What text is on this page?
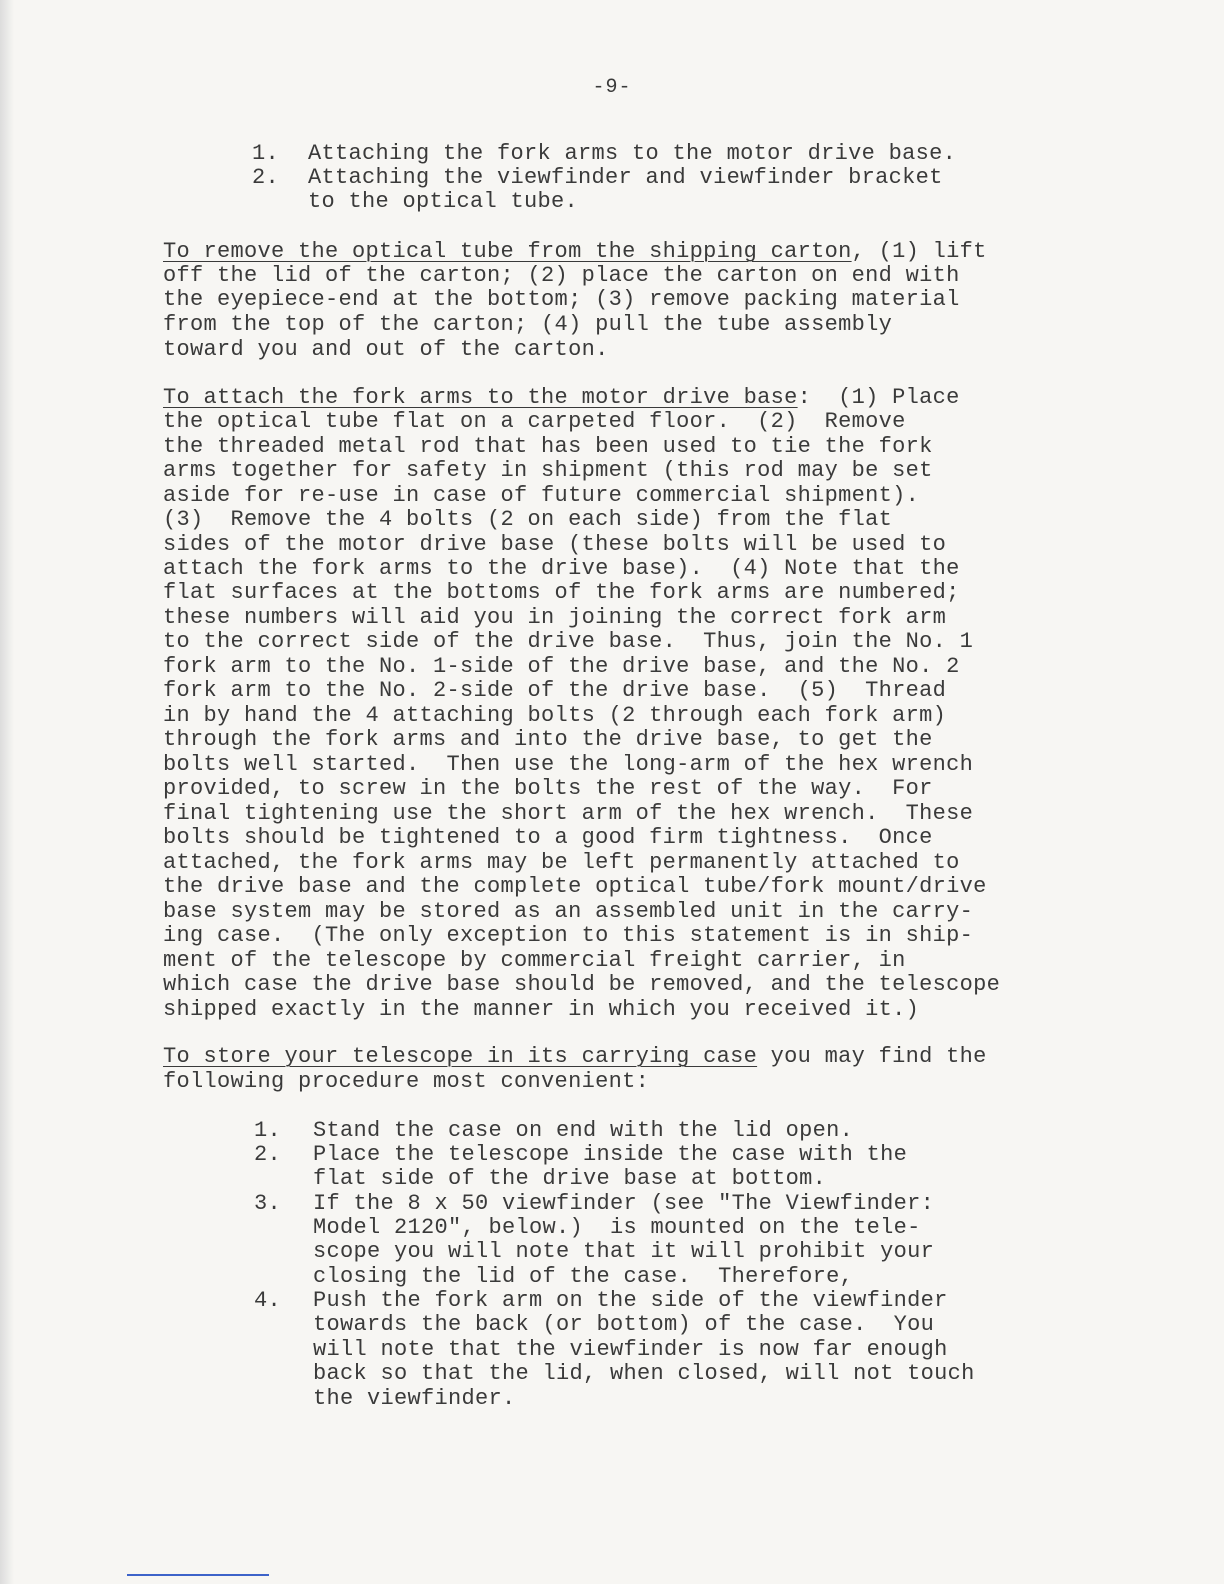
-9-
1. Attaching the fork arms to the motor drive base.
2. Attaching the viewfinder and viewfinder bracket
to the optical tube.
To remove the optical tube from the shipping carton, (1) lift
off the lid of the carton; (2) place the carton on end with
the eyepiece-end at the bottom; (3) remove packing material
from the top of the carton; (4) pull the tube assembly
toward you and out of the carton.
To attach the fork arms to the motor drive base:  (1) Place
the optical tube flat on a carpeted floor.  (2)  Remove
the threaded metal rod that has been used to tie the fork
arms together for safety in shipment (this rod may be set
aside for re-use in case of future commercial shipment).
(3)  Remove the 4 bolts (2 on each side) from the flat
sides of the motor drive base (these bolts will be used to
attach the fork arms to the drive base).  (4) Note that the
flat surfaces at the bottoms of the fork arms are numbered;
these numbers will aid you in joining the correct fork arm
to the correct side of the drive base.  Thus, join the No. 1
fork arm to the No. 1-side of the drive base, and the No. 2
fork arm to the No. 2-side of the drive base.  (5)  Thread
in by hand the 4 attaching bolts (2 through each fork arm)
through the fork arms and into the drive base, to get the
bolts well started.  Then use the long-arm of the hex wrench
provided, to screw in the bolts the rest of the way.  For
final tightening use the short arm of the hex wrench.  These
bolts should be tightened to a good firm tightness.  Once
attached, the fork arms may be left permanently attached to
the drive base and the complete optical tube/fork mount/drive
base system may be stored as an assembled unit in the carry-
ing case.  (The only exception to this statement is in ship-
ment of the telescope by commercial freight carrier, in
which case the drive base should be removed, and the telescope
shipped exactly in the manner in which you received it.)
To store your telescope in its carrying case you may find the
following procedure most convenient:
1. Stand the case on end with the lid open.
2. Place the telescope inside the case with the
flat side of the drive base at bottom.
3. If the 8 x 50 viewfinder (see "The Viewfinder:
Model 2120", below.)  is mounted on the tele-
scope you will note that it will prohibit your
closing the lid of the case.  Therefore,
4. Push the fork arm on the side of the viewfinder
towards the back (or bottom) of the case.  You
will note that the viewfinder is now far enough
back so that the lid, when closed, will not touch
the viewfinder.
